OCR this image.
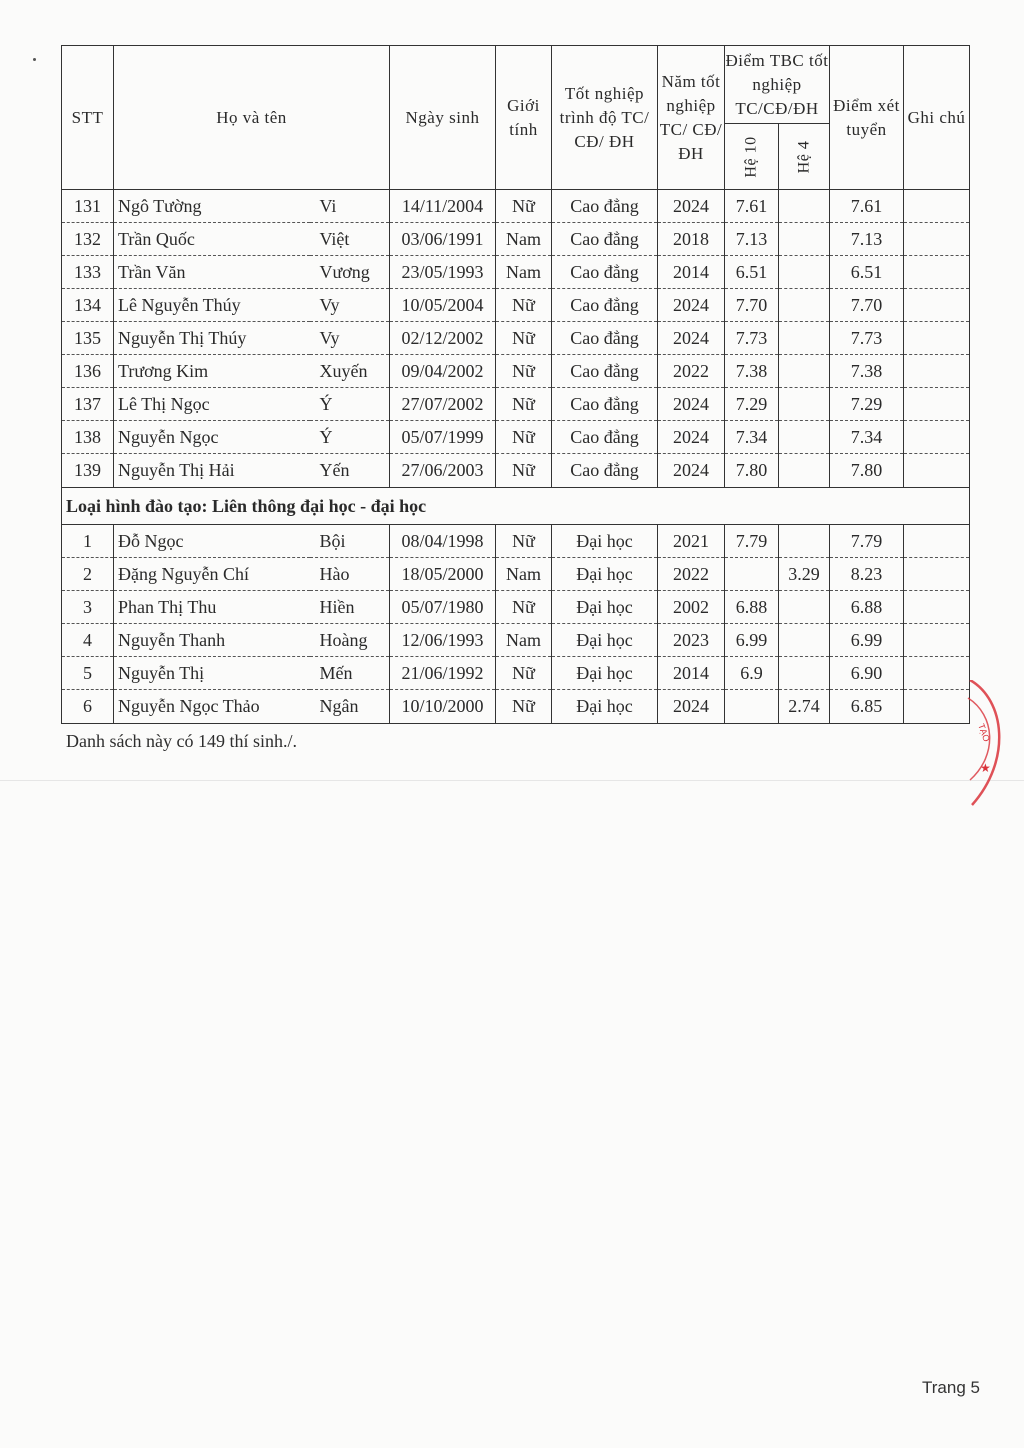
STT	Họ và tên		Ngày sinh	Giới tính	Tốt nghiệp trình độ TC/ CĐ/ ĐH	Năm tốt nghiệp TC/ CĐ/ ĐH	Điểm TBC tốt nghiệp TC/CĐ/ĐH		Điểm xét tuyển	Ghi chú

							Hệ 10	Hệ 4		

131	Ngô Tường	Vi	14/11/2004	Nữ	Cao đẳng	2024	7.61		7.61	
132	Trần Quốc	Việt	03/06/1991	Nam	Cao đẳng	2018	7.13		7.13	
133	Trần Văn	Vương	23/05/1993	Nam	Cao đẳng	2014	6.51		6.51	
134	Lê Nguyễn Thúy	Vy	10/05/2004	Nữ	Cao đẳng	2024	7.70		7.70	
135	Nguyễn Thị Thúy	Vy	02/12/2002	Nữ	Cao đẳng	2024	7.73		7.73	
136	Trương Kim	Xuyến	09/04/2002	Nữ	Cao đẳng	2022	7.38		7.38	
137	Lê Thị Ngọc	Ý	27/07/2002	Nữ	Cao đẳng	2024	7.29		7.29	
138	Nguyễn Ngọc	Ý	05/07/1999	Nữ	Cao đẳng	2024	7.34		7.34	
139	Nguyễn Thị Hải	Yến	27/06/2003	Nữ	Cao đẳng	2024	7.80		7.80	
Loại hình đào tạo: Liên thông đại học - đại học										
1	Đỗ Ngọc	Bội	08/04/1998	Nữ	Đại học	2021	7.79		7.79	
2	Đặng Nguyễn Chí	Hào	18/05/2000	Nam	Đại học	2022		3.29	8.23	
3	Phan Thị Thu	Hiền	05/07/1980	Nữ	Đại học	2002	6.88		6.88	
4	Nguyễn Thanh	Hoàng	12/06/1993	Nam	Đại học	2023	6.99		6.99	
5	Nguyễn Thị	Mến	21/06/1992	Nữ	Đại học	2014	6.9		6.90	
6	Nguyễn Ngọc Thảo	Ngân	10/10/2000	Nữ	Đại học	2024		2.74	6.85	
Danh sách này có 149 thí sinh./.	TẠO
★
Trang 5
